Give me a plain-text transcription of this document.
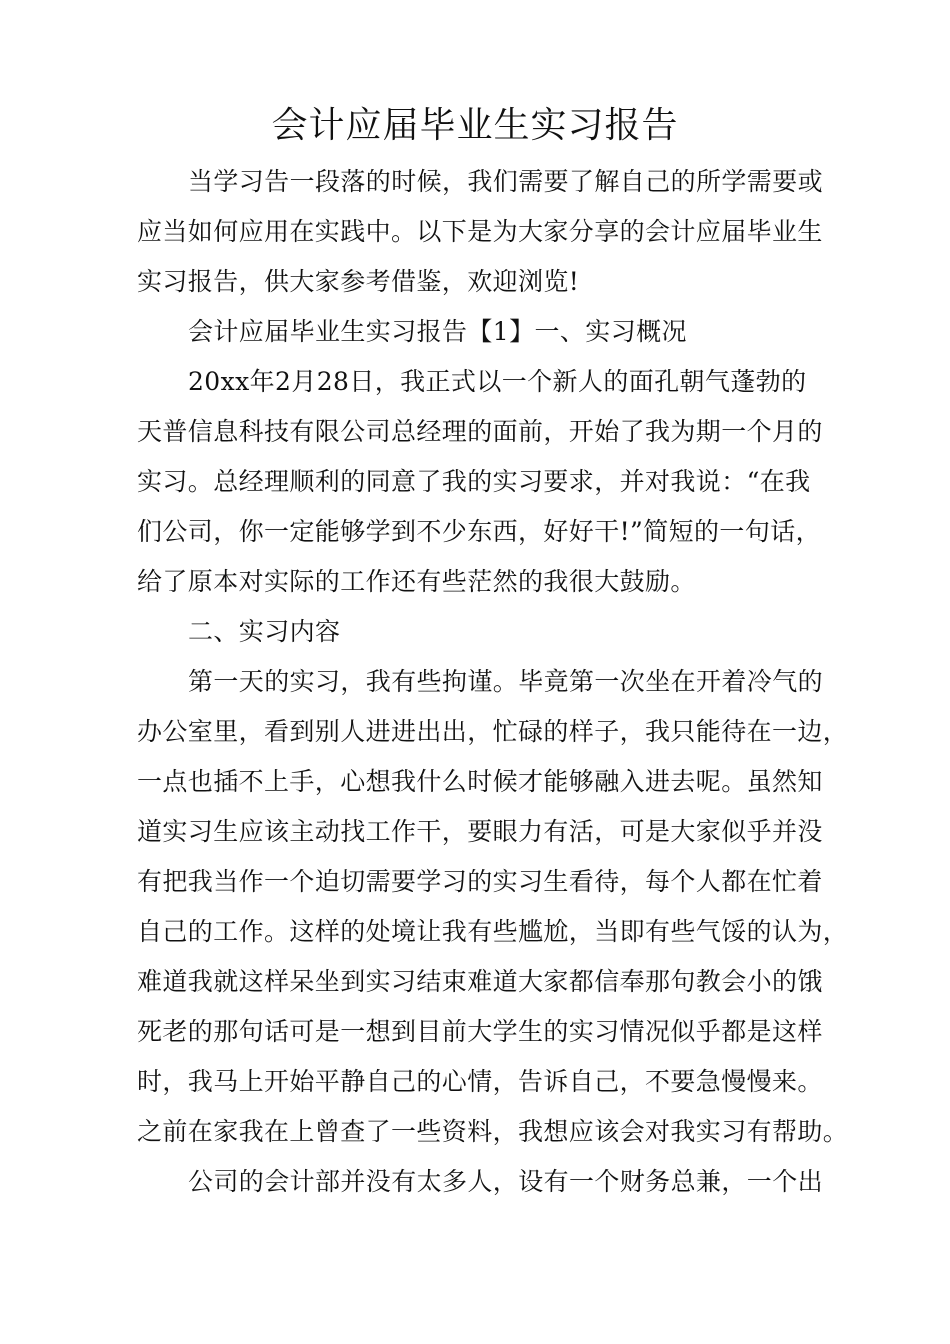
会计应届毕业生实习报告
当学习告一段落的时候，我们需要了解自己的所学需要或
应当如何应用在实践中。以下是为大家分享的会计应届毕业生
实习报告，供大家参考借鉴，欢迎浏览!
会计应届毕业生实习报告【1】一、实习概况
20xx年2月28日，我正式以一个新人的面孔朝气蓬勃的
天普信息科技有限公司总经理的面前，开始了我为期一个月的
实习。总经理顺利的同意了我的实习要求，并对我说：“在我
们公司，你一定能够学到不少东西，好好干!”简短的一句话，
给了原本对实际的工作还有些茫然的我很大鼓励。
二、实习内容
第一天的实习，我有些拘谨。毕竟第一次坐在开着冷气的
办公室里，看到别人进进出出，忙碌的样子，我只能待在一边，
一点也插不上手，心想我什么时候才能够融入进去呢。虽然知
道实习生应该主动找工作干，要眼力有活，可是大家似乎并没
有把我当作一个迫切需要学习的实习生看待，每个人都在忙着
自己的工作。这样的处境让我有些尴尬，当即有些气馁的认为，
难道我就这样呆坐到实习结束难道大家都信奉那句教会小的饿
死老的那句话可是一想到目前大学生的实习情况似乎都是这样
时，我马上开始平静自己的心情，告诉自己，不要急慢慢来。
之前在家我在上曾查了一些资料，我想应该会对我实习有帮助。
公司的会计部并没有太多人，设有一个财务总兼，一个出
